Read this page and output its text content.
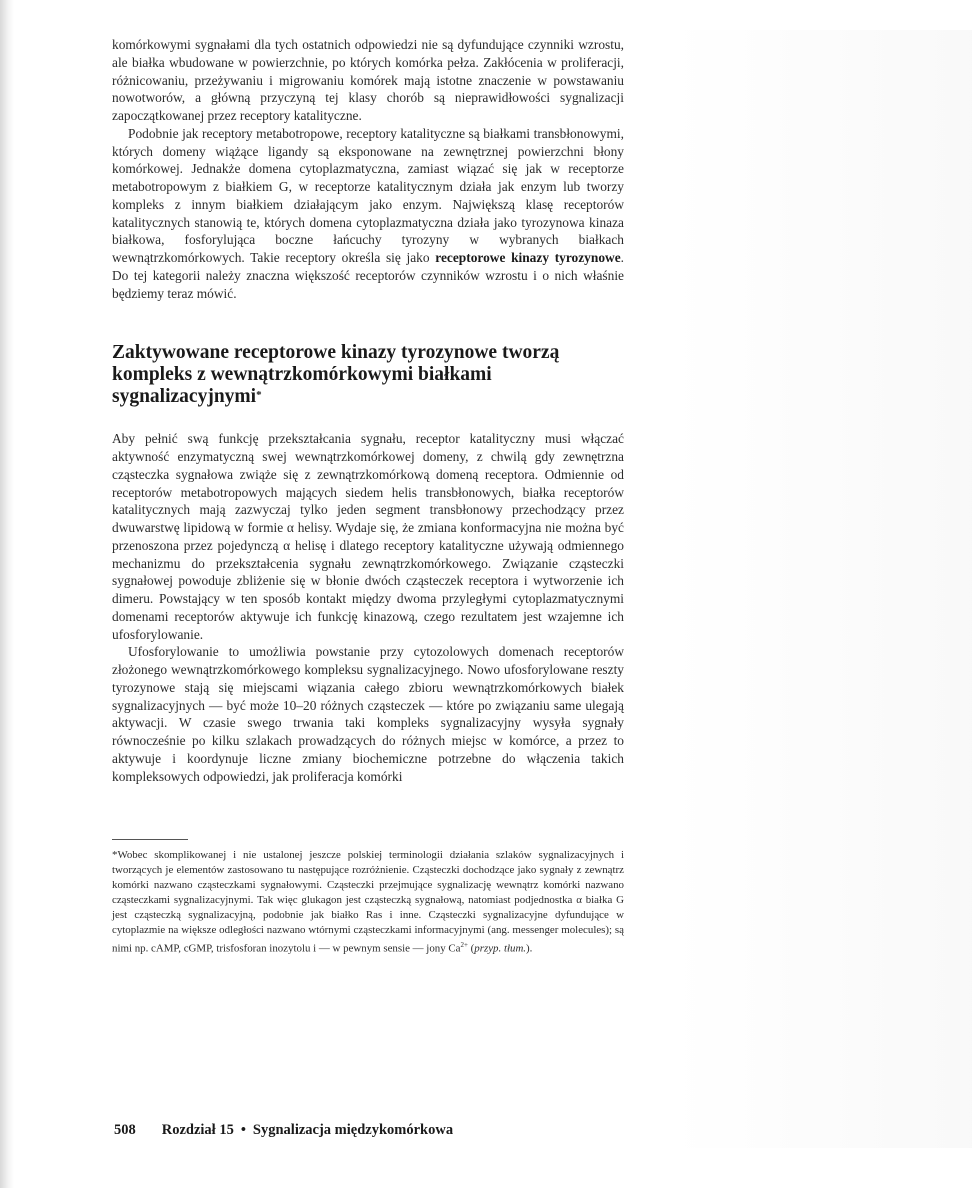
komórkowymi sygnałami dla tych ostatnich odpowiedzi nie są dyfundujące czynniki wzrostu, ale białka wbudowane w powierzchnie, po których komórka pełza. Zakłócenia w proliferacji, różnicowaniu, przeżywaniu i migrowaniu komórek mają istotne znaczenie w powstawaniu nowotworów, a główną przyczyną tej klasy chorób są nieprawidłowości sygnalizacji zapoczątkowanej przez receptory katalityczne.

Podobnie jak receptory metabotropowe, receptory katalityczne są białkami transbłonowymi, których domeny wiążące ligandy są eksponowane na zewnętrznej powierzchni błony komórkowej. Jednakże domena cytoplazmatyczna, zamiast wiązać się jak w receptorze metabotropowym z białkiem G, w receptorze katalitycznym działa jak enzym lub tworzy kompleks z innym białkiem działającym jako enzym. Największą klasę receptorów katalitycznych stanowią te, których domena cytoplazmatyczna działa jako tyrozynowa kinaza białkowa, fosforylująca boczne łańcuchy tyrozyny w wybranych białkach wewnątrzkomórkowych. Takie receptory określa się jako receptorowe kinazy tyrozynowe. Do tej kategorii należy znaczna większość receptorów czynników wzrostu i o nich właśnie będziemy teraz mówić.

Zaktywowane receptorowe kinazy tyrozynowe tworzą kompleks z wewnątrzkomórkowymi białkami sygnalizacyjnymi*

Aby pełnić swą funkcję przekształcania sygnału, receptor katalityczny musi włączać aktywność enzymatyczną swej wewnątrzkomórkowej domeny, z chwilą gdy zewnętrzna cząsteczka sygnałowa zwiąże się z zewnątrzkomórkową domeną receptora. Odmiennie od receptorów metabotropowych mających siedem helis transbłonowych, białka receptorów katalitycznych mają zazwyczaj tylko jeden segment transbłonowy przechodzący przez dwuwarstwę lipidową w formie α helisy. Wydaje się, że zmiana konformacyjna nie można być przenoszona przez pojedynczą α helisę i dlatego receptory katalityczne używają odmiennego mechanizmu do przekształcenia sygnału zewnątrzkomórkowego. Związanie cząsteczki sygnałowej powoduje zbliżenie się w błonie dwóch cząsteczek receptora i wytworzenie ich dimeru. Powstający w ten sposób kontakt między dwoma przyległymi cytoplazmatycznymi domenami receptorów aktywuje ich funkcję kinazową, czego rezultatem jest wzajemne ich ufosforylowanie.

Ufosforylowanie to umożliwia powstanie przy cytozolowych domenach receptorów złożonego wewnątrzkomórkowego kompleksu sygnalizacyjnego. Nowo ufosforylowane reszty tyrozynowe stają się miejscami wiązania całego zbioru wewnątrzkomórkowych białek sygnalizacyjnych — być może 10–20 różnych cząsteczek — które po związaniu same ulegają aktywacji. W czasie swego trwania taki kompleks sygnalizacyjny wysyła sygnały równocześnie po kilku szlakach prowadzących do różnych miejsc w komórce, a przez to aktywuje i koordynuje liczne zmiany biochemiczne potrzebne do włączenia takich kompleksowych odpowiedzi, jak proliferacja komórki

*Wobec skomplikowanej i nie ustalonej jeszcze polskiej terminologii działania szlaków sygnalizacyjnych i tworzących je elementów zastosowano tu następujące rozróżnienie. Cząsteczki dochodzące jako sygnały z zewnątrz komórki nazwano cząsteczkami sygnałowymi. Cząsteczki przejmujące sygnalizację wewnątrz komórki nazwano cząsteczkami sygnalizacyjnymi. Tak więc glukagon jest cząsteczką sygnałową, natomiast podjednostka α białka G jest cząsteczką sygnalizacyjną, podobnie jak białko Ras i inne. Cząsteczki sygnalizacyjne dyfundujące w cytoplazmie na większe odległości nazwano wtórnymi cząsteczkami informacyjnymi (ang. messenger molecules); są nimi np. cAMP, cGMP, trisfosforan inozytolu i — w pewnym sensie — jony $Ca^{2+}$ (przyp. tłum.).

508 Rozdział 15 • Sygnalizacja międzykomórkowa
